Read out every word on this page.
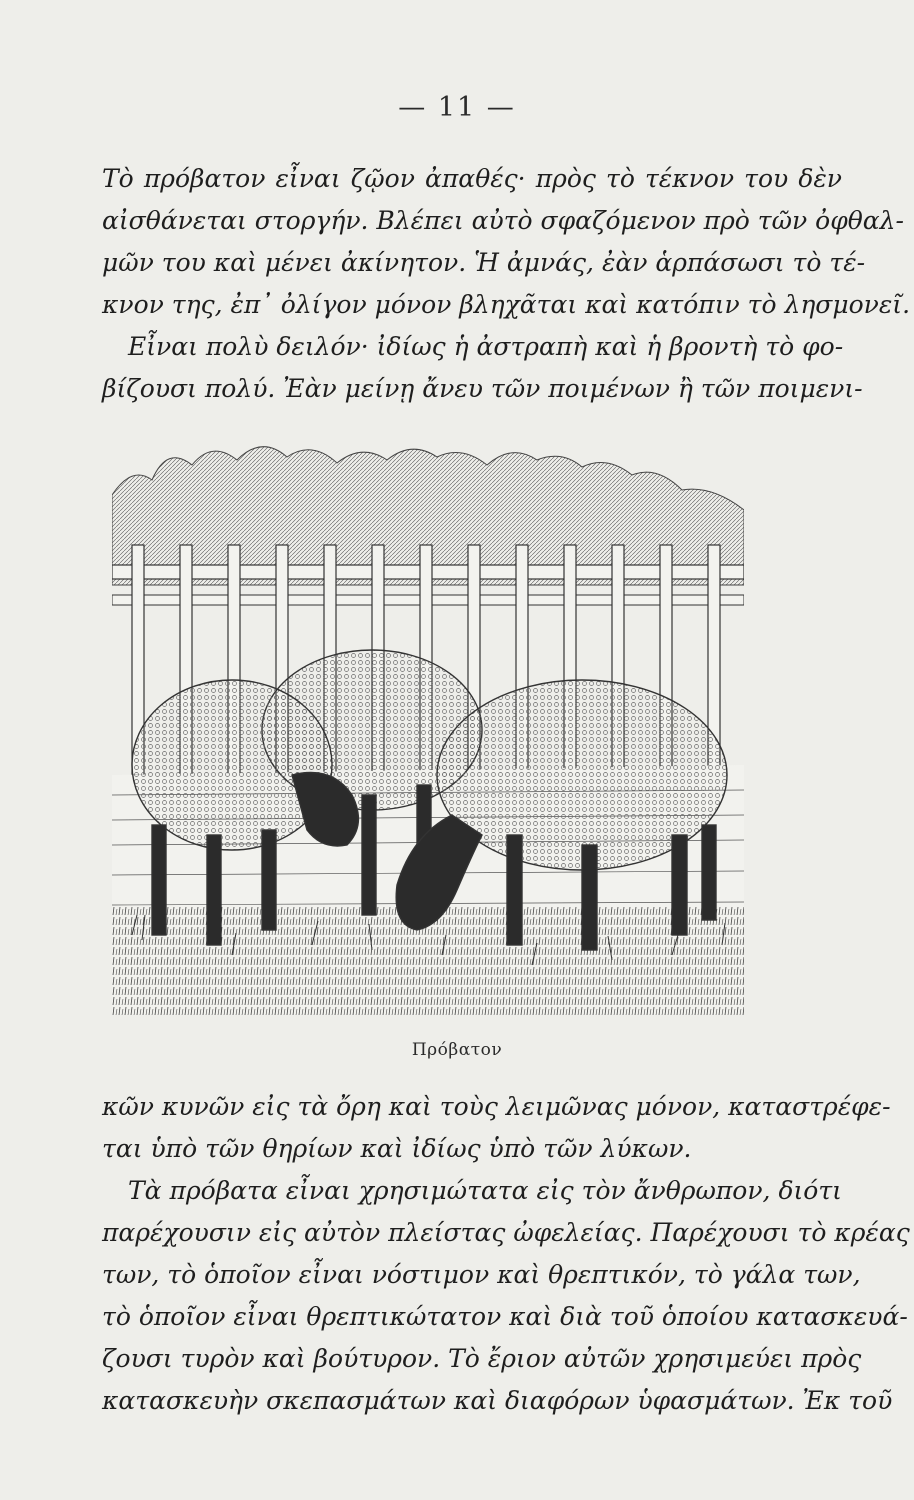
— 11 —
Τὸ πρόβατον εἶναι ζῷον ἀπαθές· πρὸς τὸ τέκνον του δὲν
αἰσθάνεται στοργήν. Βλέπει αὐτὸ σφαζόμενον πρὸ τῶν ὀφθαλ-
μῶν του καὶ μένει ἀκίνητον. Ἡ ἀμνάς, ἐὰν ἁρπάσωσι τὸ τέ-
κνον της, ἐπ᾽ ὀλίγον μόνον βληχᾶται καὶ κατόπιν τὸ λησμονεῖ.
Εἶναι πολὺ δειλόν· ἰδίως ἡ ἀστραπὴ καὶ ἡ βροντὴ τὸ φο-
βίζουσι πολύ. Ἐὰν μείνῃ ἄνευ τῶν ποιμένων ἢ τῶν ποιμενι-
Πρόβατον
κῶν κυνῶν εἰς τὰ ὄρη καὶ τοὺς λειμῶνας μόνον, καταστρέφε-
ται ὑπὸ τῶν θηρίων καὶ ἰδίως ὑπὸ τῶν λύκων.
Τὰ πρόβατα εἶναι χρησιμώτατα εἰς τὸν ἄνθρωπον, διότι
παρέχουσιν εἰς αὐτὸν πλείστας ὠφελείας. Παρέχουσι τὸ κρέας
των, τὸ ὁποῖον εἶναι νόστιμον καὶ θρεπτικόν, τὸ γάλα των,
τὸ ὁποῖον εἶναι θρεπτικώτατον καὶ διὰ τοῦ ὁποίου κατασκευά-
ζουσι τυρὸν καὶ βούτυρον. Τὸ ἔριον αὐτῶν χρησιμεύει πρὸς
κατασκευὴν σκεπασμάτων καὶ διαφόρων ὑφασμάτων. Ἐκ τοῦ
